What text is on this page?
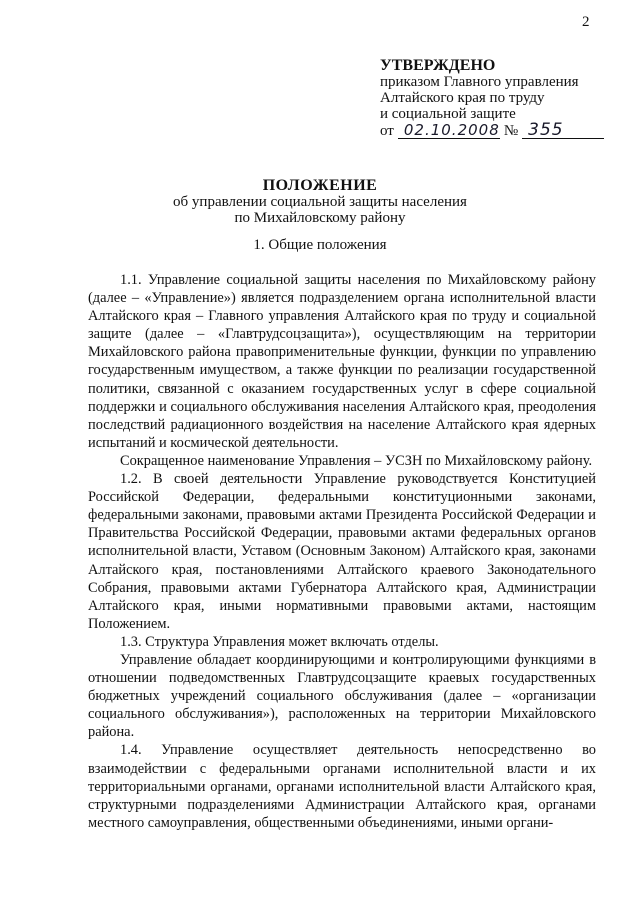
2
УТВЕРЖДЕНО
приказом Главного управления
Алтайского края по труду
и социальной защите
от 02.10.2008 № 355
ПОЛОЖЕНИЕ
об управлении социальной защиты населения
по Михайловскому району
1. Общие положения

1.1. Управление социальной защиты населения по Михайловскому району (далее – «Управление») является подразделением органа исполнительной власти Алтайского края – Главного управления Алтайского края по труду и социальной защите (далее – «Главтрудсоцзащита»), осуществляющим на территории Михайловского района правоприменительные функции, функции по управлению государственным имуществом, а также функции по реализации государственной политики, связанной с оказанием государственных услуг в сфере социальной поддержки и социального обслуживания населения Алтайского края, преодоления последствий радиационного воздействия на население Алтайского края ядерных испытаний и космической деятельности.

Сокращенное наименование Управления – УСЗН по Михайловскому району.

1.2. В своей деятельности Управление руководствуется Конституцией Российской Федерации, федеральными конституционными законами, федеральными законами, правовыми актами Президента Российской Федерации и Правительства Российской Федерации, правовыми актами федеральных органов исполнительной власти, Уставом (Основным Законом) Алтайского края, законами Алтайского края, постановлениями Алтайского краевого Законодательного Собрания, правовыми актами Губернатора Алтайского края, Администрации Алтайского края, иными нормативными правовыми актами, настоящим Положением.

1.3. Структура Управления может включать отделы.

Управление обладает координирующими и контролирующими функциями в отношении подведомственных Главтрудсоцзащите краевых государственных бюджетных учреждений социального обслуживания (далее – «организации социального обслуживания»), расположенных на территории Михайловского района.

1.4. Управление осуществляет деятельность непосредственно во взаимодействии с федеральными органами исполнительной власти и их территориальными органами, органами исполнительной власти Алтайского края, структурными подразделениями Администрации Алтайского края, органами местного самоуправления, общественными объединениями, иными органи-
